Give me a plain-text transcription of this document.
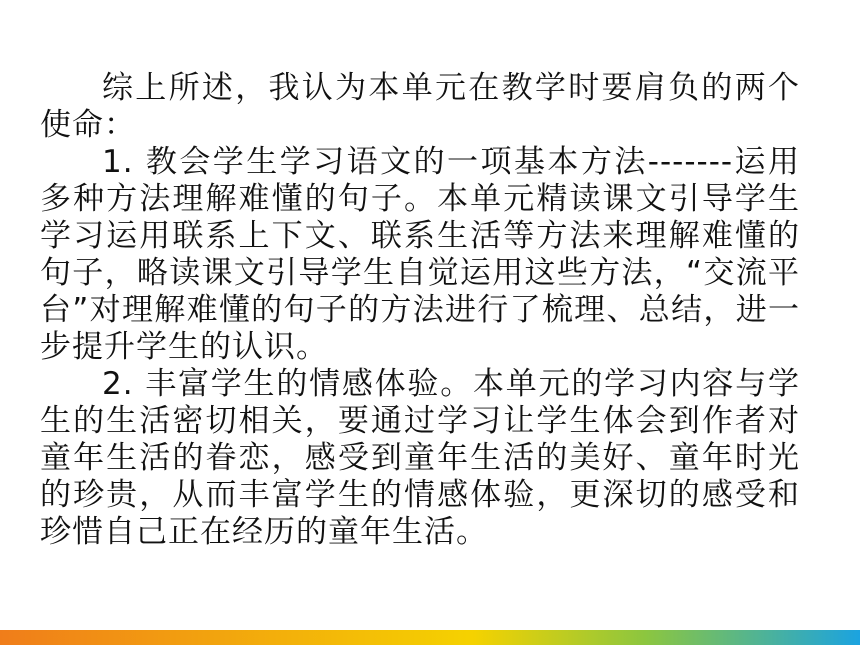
综上所述，我认为本单元在教学时要肩负的两个使命：

1. 教会学生学习语文的一项基本方法-------运用多种方法理解难懂的句子。本单元精读课文引导学生学习运用联系上下文、联系生活等方法来理解难懂的句子，略读课文引导学生自觉运用这些方法，“交流平台”对理解难懂的句子的方法进行了梳理、总结，进一步提升学生的认识。

2. 丰富学生的情感体验。本单元的学习内容与学生的生活密切相关，要通过学习让学生体会到作者对童年生活的眷恋，感受到童年生活的美好、童年时光的珍贵，从而丰富学生的情感体验，更深切的感受和珍惜自己正在经历的童年生活。
